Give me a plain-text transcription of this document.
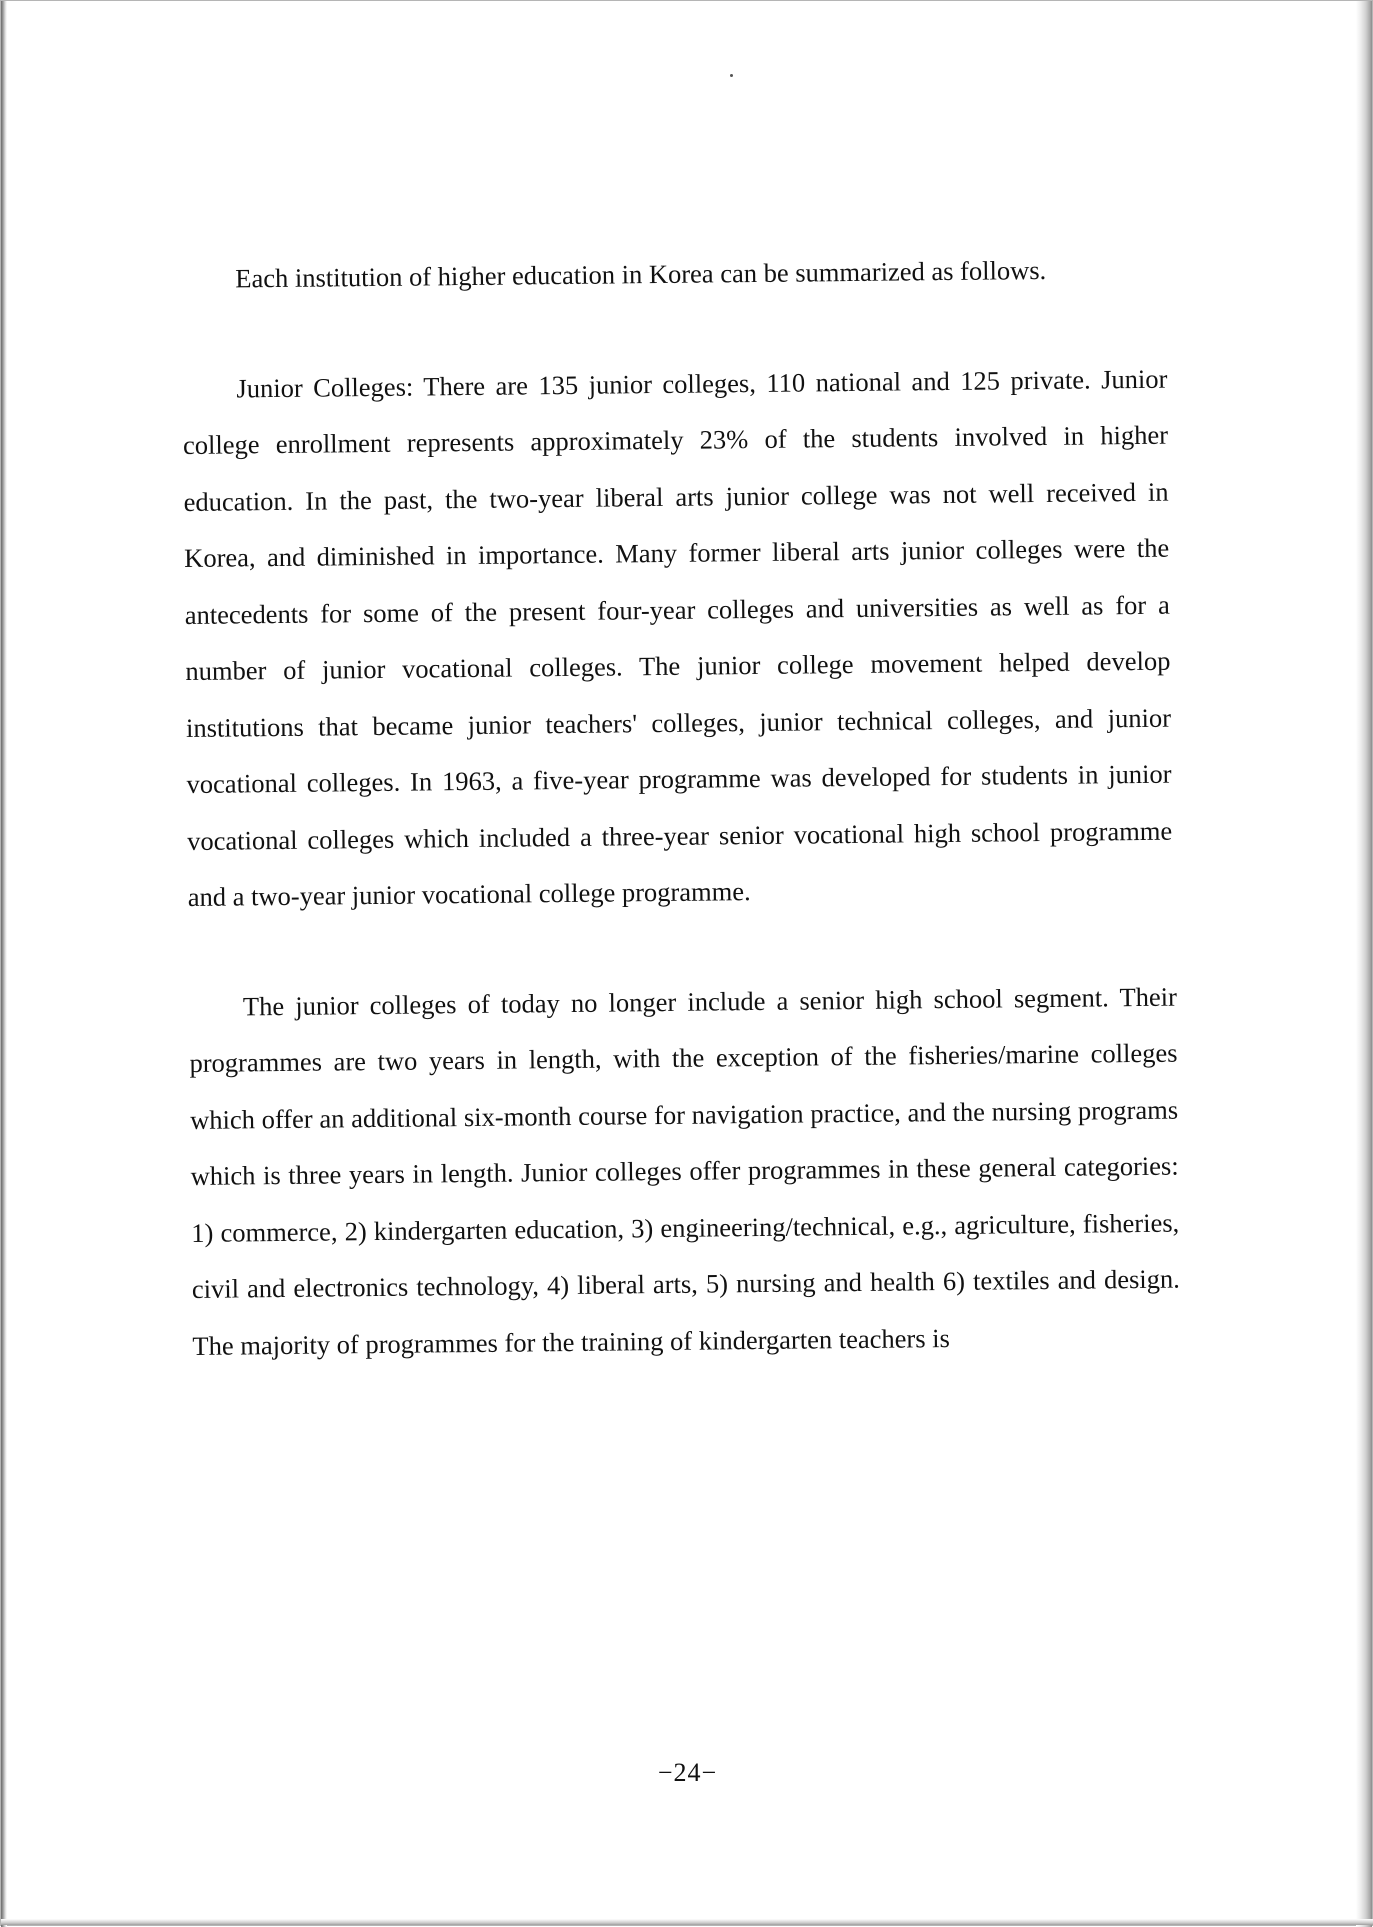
Each institution of higher education in Korea can be summarized as follows.

Junior Colleges: There are 135 junior colleges, 110 national and 125 private. Junior college enrollment represents approximately 23% of the students involved in higher education. In the past, the two-year liberal arts junior college was not well received in Korea, and diminished in importance. Many former liberal arts junior colleges were the antecedents for some of the present four-year colleges and universities as well as for a number of junior vocational colleges. The junior college movement helped develop institutions that became junior teachers' colleges, junior technical colleges, and junior vocational colleges. In 1963, a five-year programme was developed for students in junior vocational colleges which included a three-year senior vocational high school programme and a two-year junior vocational college programme.

The junior colleges of today no longer include a senior high school segment. Their programmes are two years in length, with the exception of the fisheries/marine colleges which offer an additional six-month course for navigation practice, and the nursing programs which is three years in length. Junior colleges offer programmes in these general categories: 1) commerce, 2) kindergarten education, 3) engineering/technical, e.g., agriculture, fisheries, civil and electronics technology, 4) liberal arts, 5) nursing and health 6) textiles and design. The majority of programmes for the training of kindergarten teachers is

−24−
